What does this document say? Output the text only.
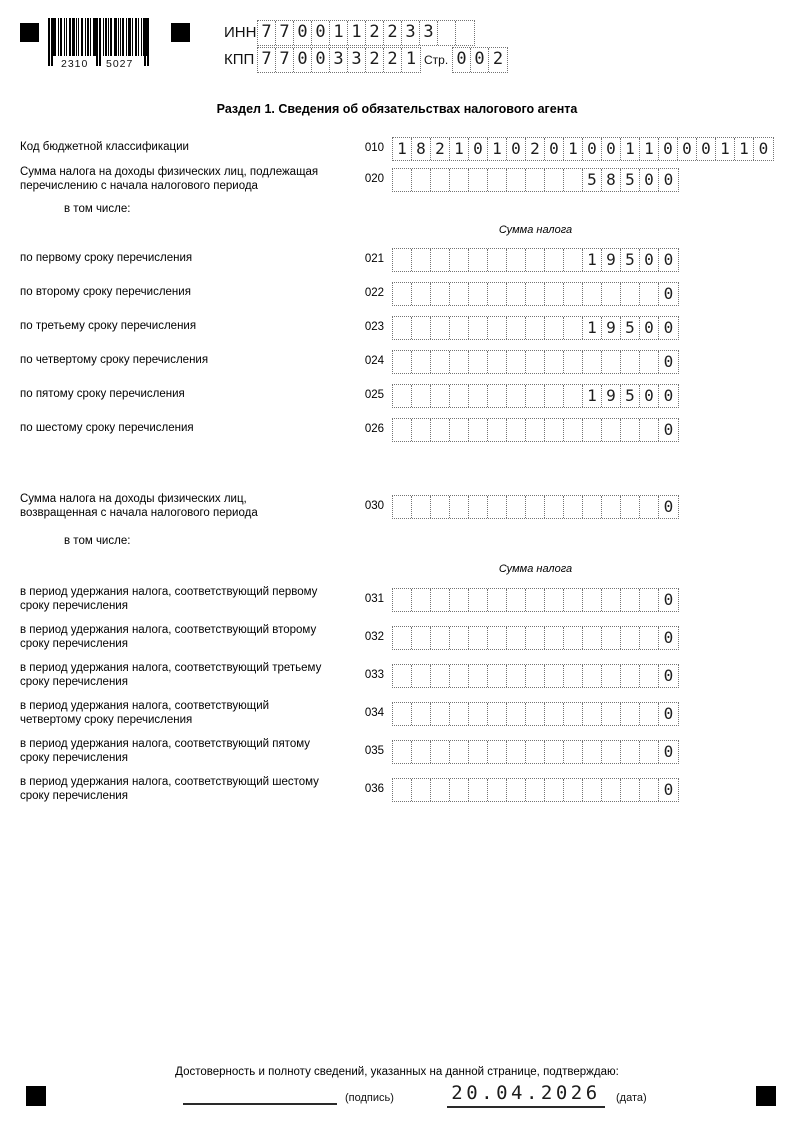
2310 5027
ИНН 7 7 0 0 1 1 2 2 3 3
КПП 7 7 0 0 3 3 2 2 1 Стр. 0 0 2
Раздел 1. Сведения об обязательствах налогового агента
Код бюджетной классификации	010 1 8 2 1 0 1 0 2 0 1 0 0 1 1 0 0 0 1 1 0
Сумма налога на доходы физических лиц, подлежащая перечислению с начала налогового периода
020	5 8 5 0 0
в том числе:
Сумма налога
по первому сроку перечисления	021	1 9 5 0 0
по второму сроку перечисления	022	0
по третьему сроку перечисления	023	1 9 5 0 0
по четвертому сроку перечисления	024	0
по пятому сроку перечисления	025	1 9 5 0 0
по шестому сроку перечисления	026	0
Сумма налога на доходы физических лиц, возвращенная с начала налогового периода
030	0
в том числе:
Сумма налога
в период удержания налога, соответствующий первому сроку перечисления
031	0
в период удержания налога, соответствующий второму сроку перечисления
032	0
в период удержания налога, соответствующий третьему сроку перечисления
033	0
в период удержания налога, соответствующий четвертому сроку перечисления
034	0
в период удержания налога, соответствующий пятому сроку перечисления
035	0
в период удержания налога, соответствующий шестому сроку перечисления
036	0
Достоверность и полноту сведений, указанных на данной странице, подтверждаю:
(подпись)	20.04.2026	(дата)
